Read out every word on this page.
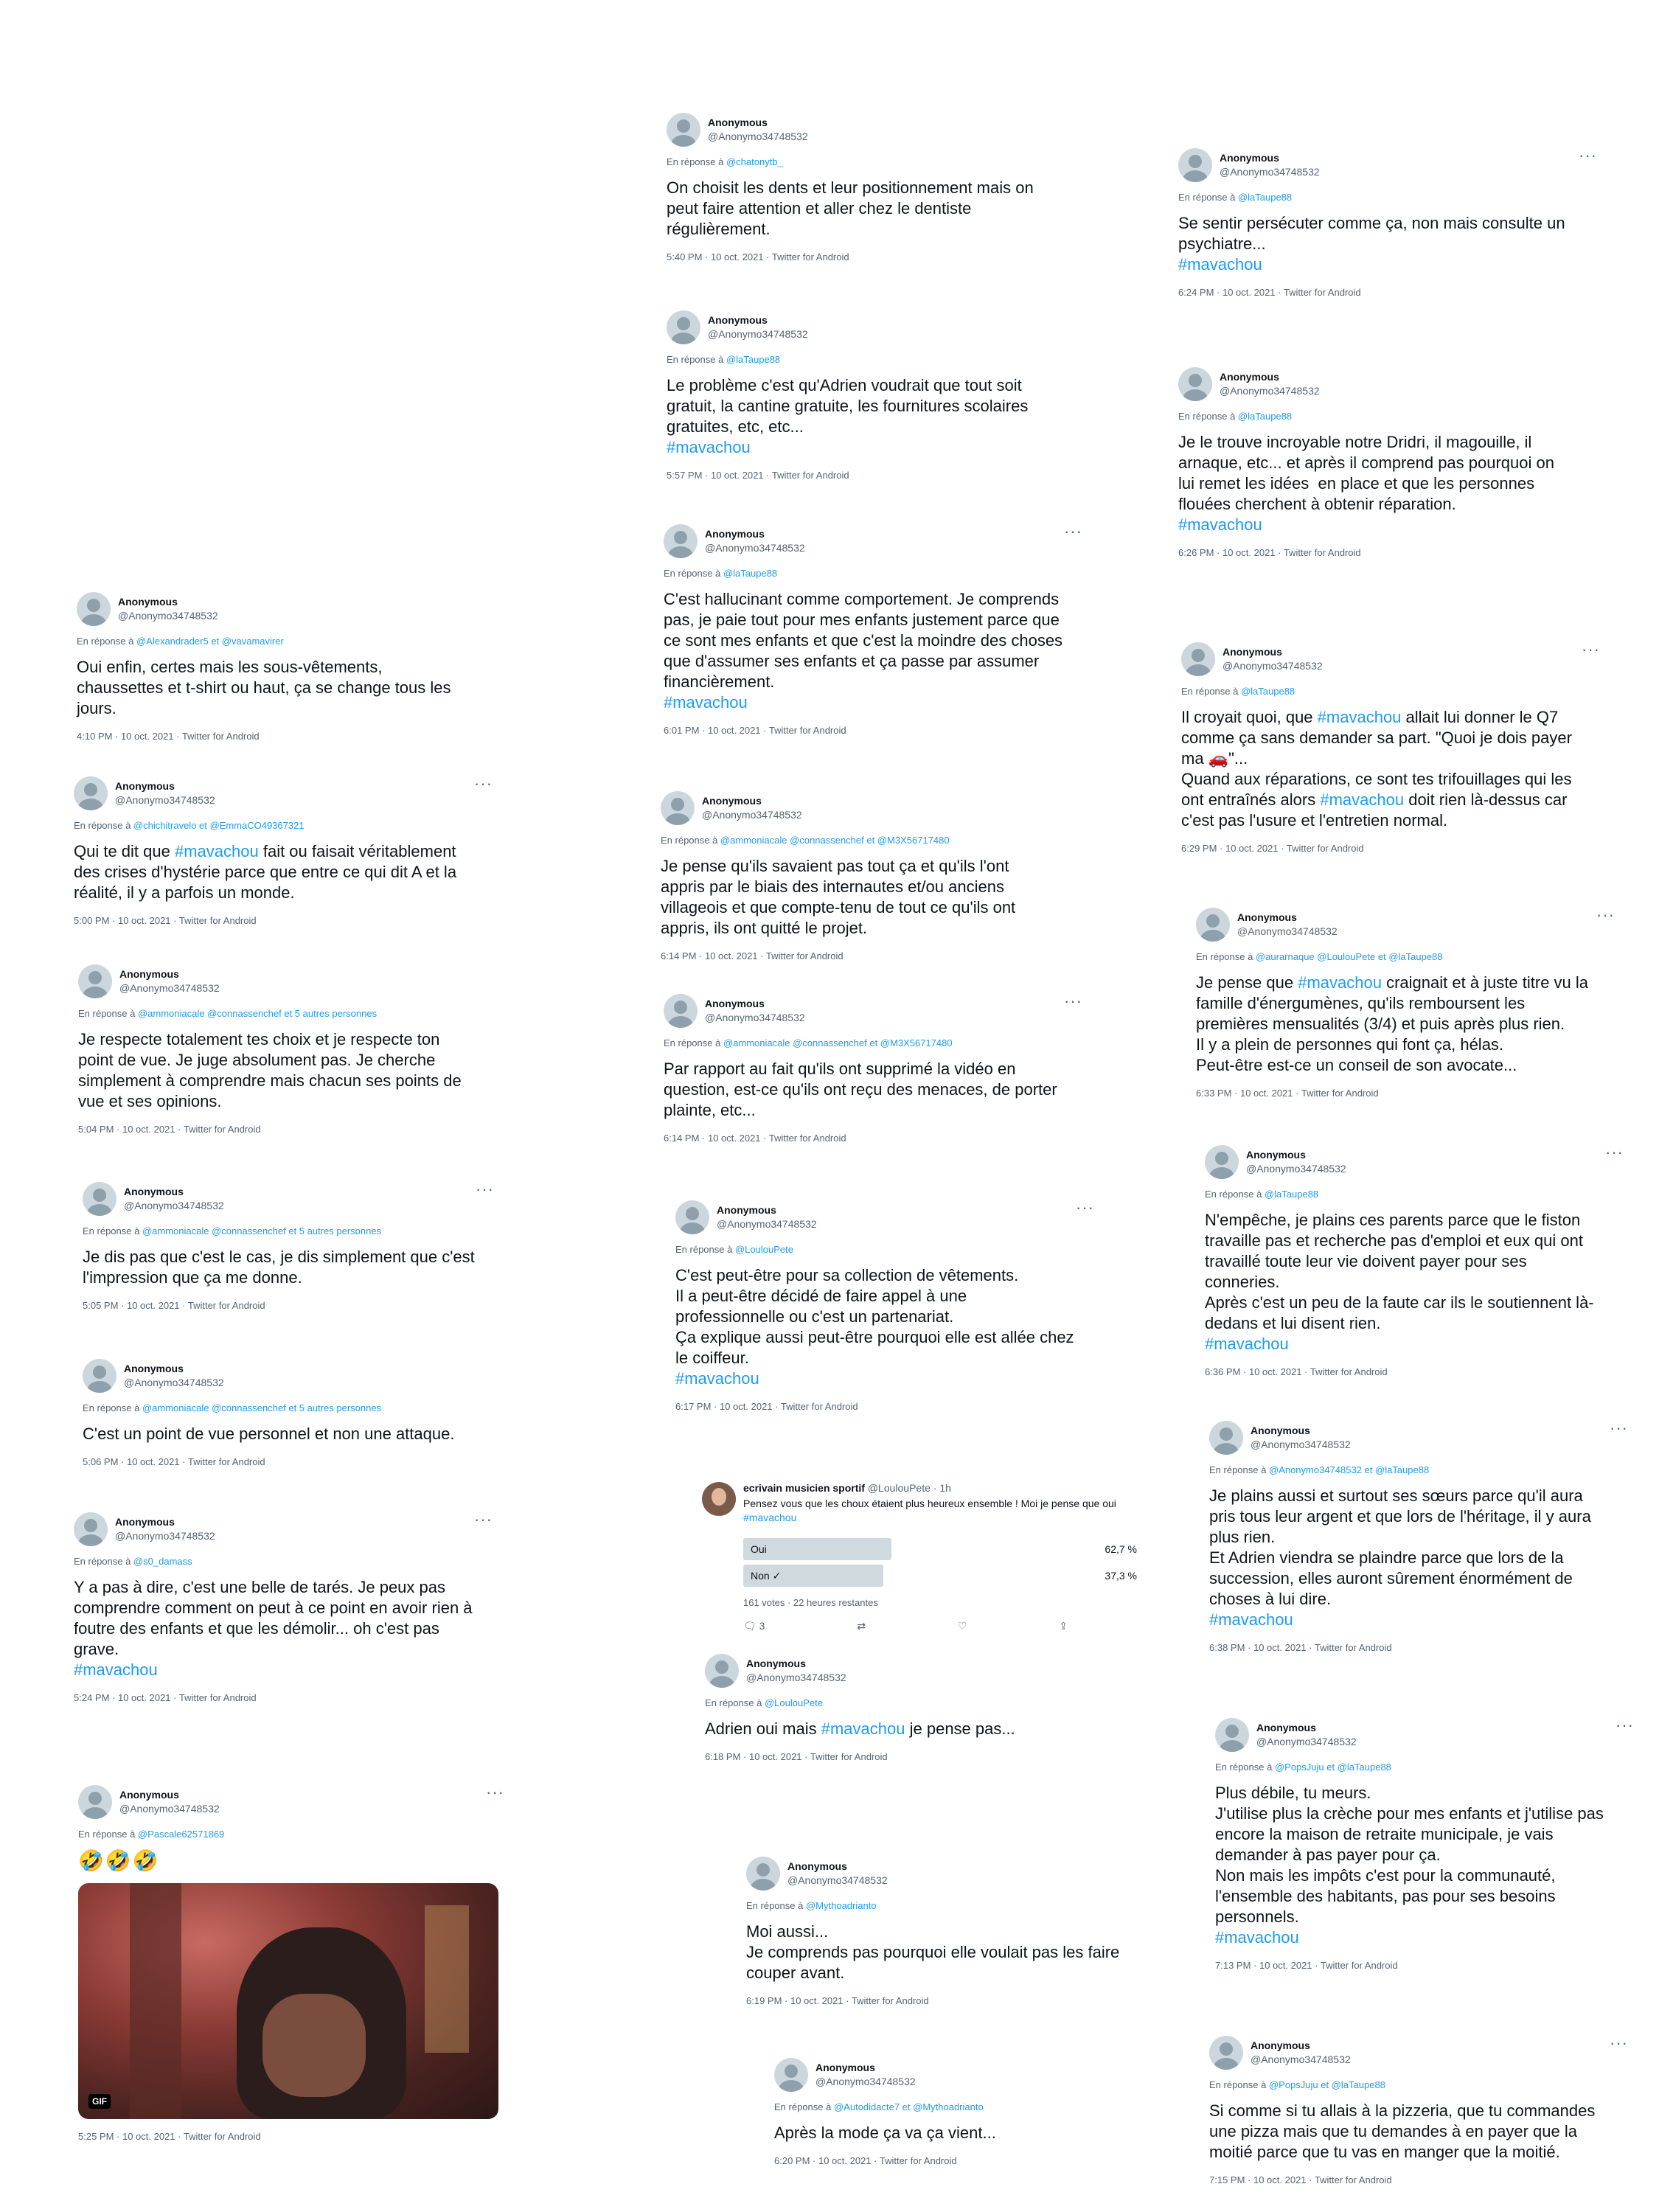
Anonymous
@Anonymo34748532
En réponse à @chatonytb_
On choisit les dents et leur positionnement mais on
peut faire attention et aller chez le dentiste
régulièrement.
5:40 PM · 10 oct. 2021 · Twitter for Android
Anonymous
@Anonymo34748532
En réponse à @laTaupe88
Le problème c'est qu'Adrien voudrait que tout soit
gratuit, la cantine gratuite, les fournitures scolaires
gratuites, etc, etc...
#mavachou
5:57 PM · 10 oct. 2021 · Twitter for Android
Anonymous
@Anonymo34748532
···
En réponse à @laTaupe88
C'est hallucinant comme comportement. Je comprends
pas, je paie tout pour mes enfants justement parce que
ce sont mes enfants et que c'est la moindre des choses
que d'assumer ses enfants et ça passe par assumer
financièrement.
#mavachou
6:01 PM · 10 oct. 2021 · Twitter for Android
Anonymous
@Anonymo34748532
En réponse à @ammoniacale @connassenchef et @M3X56717480
Je pense qu'ils savaient pas tout ça et qu'ils l'ont
appris par le biais des internautes et/ou anciens
villageois et que compte-tenu de tout ce qu'ils ont
appris, ils ont quitté le projet.
6:14 PM · 10 oct. 2021 · Twitter for Android
Anonymous
@Anonymo34748532
···
En réponse à @ammoniacale @connassenchef et @M3X56717480
Par rapport au fait qu'ils ont supprimé la vidéo en
question, est-ce qu'ils ont reçu des menaces, de porter
plainte, etc...
6:14 PM · 10 oct. 2021 · Twitter for Android
Anonymous
@Anonymo34748532
···
En réponse à @LoulouPete
C'est peut-être pour sa collection de vêtements.
Il a peut-être décidé de faire appel à une
professionnelle ou c'est un partenariat.
Ça explique aussi peut-être pourquoi elle est allée chez
le coiffeur.
#mavachou
6:17 PM · 10 oct. 2021 · Twitter for Android
ecrivain musicien sportif @LoulouPete · 1h
Pensez vous que les choux étaient plus heureux ensemble ! Moi je pense que oui #mavachou
Oui	62,7 %
Non ✓	37,3 %
161 votes · 22 heures restantes
🗨 3	⇄	♡	⇪
Anonymous
@Anonymo34748532
En réponse à @LoulouPete
Adrien oui mais #mavachou je pense pas...
6:18 PM · 10 oct. 2021 · Twitter for Android
Anonymous
@Anonymo34748532
En réponse à @Mythoadrianto
Moi aussi...
Je comprends pas pourquoi elle voulait pas les faire
couper avant.
6:19 PM · 10 oct. 2021 · Twitter for Android
Anonymous
@Anonymo34748532
En réponse à @Autodidacte7 et @Mythoadrianto
Après la mode ça va ça vient...
6:20 PM · 10 oct. 2021 · Twitter for Android
Anonymous
@Anonymo34748532
En réponse à @Alexandrader5 et @vavamavirer
Oui enfin, certes mais les sous-vêtements,
chaussettes et t-shirt ou haut, ça se change tous les
jours.
4:10 PM · 10 oct. 2021 · Twitter for Android
Anonymous
@Anonymo34748532
···
En réponse à @chichitravelo et @EmmaCO49367321
Qui te dit que #mavachou fait ou faisait véritablement
des crises d'hystérie parce que entre ce qui dit A et la
réalité, il y a parfois un monde.
5:00 PM · 10 oct. 2021 · Twitter for Android
Anonymous
@Anonymo34748532
En réponse à @ammoniacale @connassenchef et 5 autres personnes
Je respecte totalement tes choix et je respecte ton
point de vue. Je juge absolument pas. Je cherche
simplement à comprendre mais chacun ses points de
vue et ses opinions.
5:04 PM · 10 oct. 2021 · Twitter for Android
Anonymous
@Anonymo34748532
···
En réponse à @ammoniacale @connassenchef et 5 autres personnes
Je dis pas que c'est le cas, je dis simplement que c'est
l'impression que ça me donne.
5:05 PM · 10 oct. 2021 · Twitter for Android
Anonymous
@Anonymo34748532
En réponse à @ammoniacale @connassenchef et 5 autres personnes
C'est un point de vue personnel et non une attaque.
5:06 PM · 10 oct. 2021 · Twitter for Android
Anonymous
@Anonymo34748532
···
En réponse à @s0_damass
Y a pas à dire, c'est une belle de tarés. Je peux pas
comprendre comment on peut à ce point en avoir rien à
foutre des enfants et que les démolir... oh c'est pas
grave.
#mavachou
5:24 PM · 10 oct. 2021 · Twitter for Android
Anonymous
@Anonymo34748532
···
En réponse à @Pascale62571869
🤣🤣🤣
GIF
5:25 PM · 10 oct. 2021 · Twitter for Android
Anonymous
@Anonymo34748532
···
En réponse à @laTaupe88
Se sentir persécuter comme ça, non mais consulte un
psychiatre...
#mavachou
6:24 PM · 10 oct. 2021 · Twitter for Android
Anonymous
@Anonymo34748532
En réponse à @laTaupe88
Je le trouve incroyable notre Dridri, il magouille, il
arnaque, etc... et après il comprend pas pourquoi on
lui remet les idées  en place et que les personnes
flouées cherchent à obtenir réparation.
#mavachou
6:26 PM · 10 oct. 2021 · Twitter for Android
Anonymous
@Anonymo34748532
···
En réponse à @laTaupe88
Il croyait quoi, que #mavachou allait lui donner le Q7
comme ça sans demander sa part. "Quoi je dois payer
ma 🚗"...
Quand aux réparations, ce sont tes trifouillages qui les
ont entraînés alors #mavachou doit rien là-dessus car
c'est pas l'usure et l'entretien normal.
6:29 PM · 10 oct. 2021 · Twitter for Android
Anonymous
@Anonymo34748532
···
En réponse à @aurarnaque @LoulouPete et @laTaupe88
Je pense que #mavachou craignait et à juste titre vu la
famille d'énergumènes, qu'ils remboursent les
premières mensualités (3/4) et puis après plus rien.
Il y a plein de personnes qui font ça, hélas.
Peut-être est-ce un conseil de son avocate...
6:33 PM · 10 oct. 2021 · Twitter for Android
Anonymous
@Anonymo34748532
···
En réponse à @laTaupe88
N'empêche, je plains ces parents parce que le fiston
travaille pas et recherche pas d'emploi et eux qui ont
travaillé toute leur vie doivent payer pour ses
conneries.
Après c'est un peu de la faute car ils le soutiennent là-
dedans et lui disent rien.
#mavachou
6:36 PM · 10 oct. 2021 · Twitter for Android
Anonymous
@Anonymo34748532
···
En réponse à @Anonymo34748532 et @laTaupe88
Je plains aussi et surtout ses sœurs parce qu'il aura
pris tous leur argent et que lors de l'héritage, il y aura
plus rien.
Et Adrien viendra se plaindre parce que lors de la
succession, elles auront sûrement énormément de
choses à lui dire.
#mavachou
6:38 PM · 10 oct. 2021 · Twitter for Android
Anonymous
@Anonymo34748532
···
En réponse à @PopsJuju et @laTaupe88
Plus débile, tu meurs.
J'utilise plus la crèche pour mes enfants et j'utilise pas
encore la maison de retraite municipale, je vais
demander à pas payer pour ça.
Non mais les impôts c'est pour la communauté,
l'ensemble des habitants, pas pour ses besoins
personnels.
#mavachou
7:13 PM · 10 oct. 2021 · Twitter for Android
Anonymous
@Anonymo34748532
···
En réponse à @PopsJuju et @laTaupe88
Si comme si tu allais à la pizzeria, que tu commandes
une pizza mais que tu demandes à en payer que la
moitié parce que tu vas en manger que la moitié.
7:15 PM · 10 oct. 2021 · Twitter for Android
